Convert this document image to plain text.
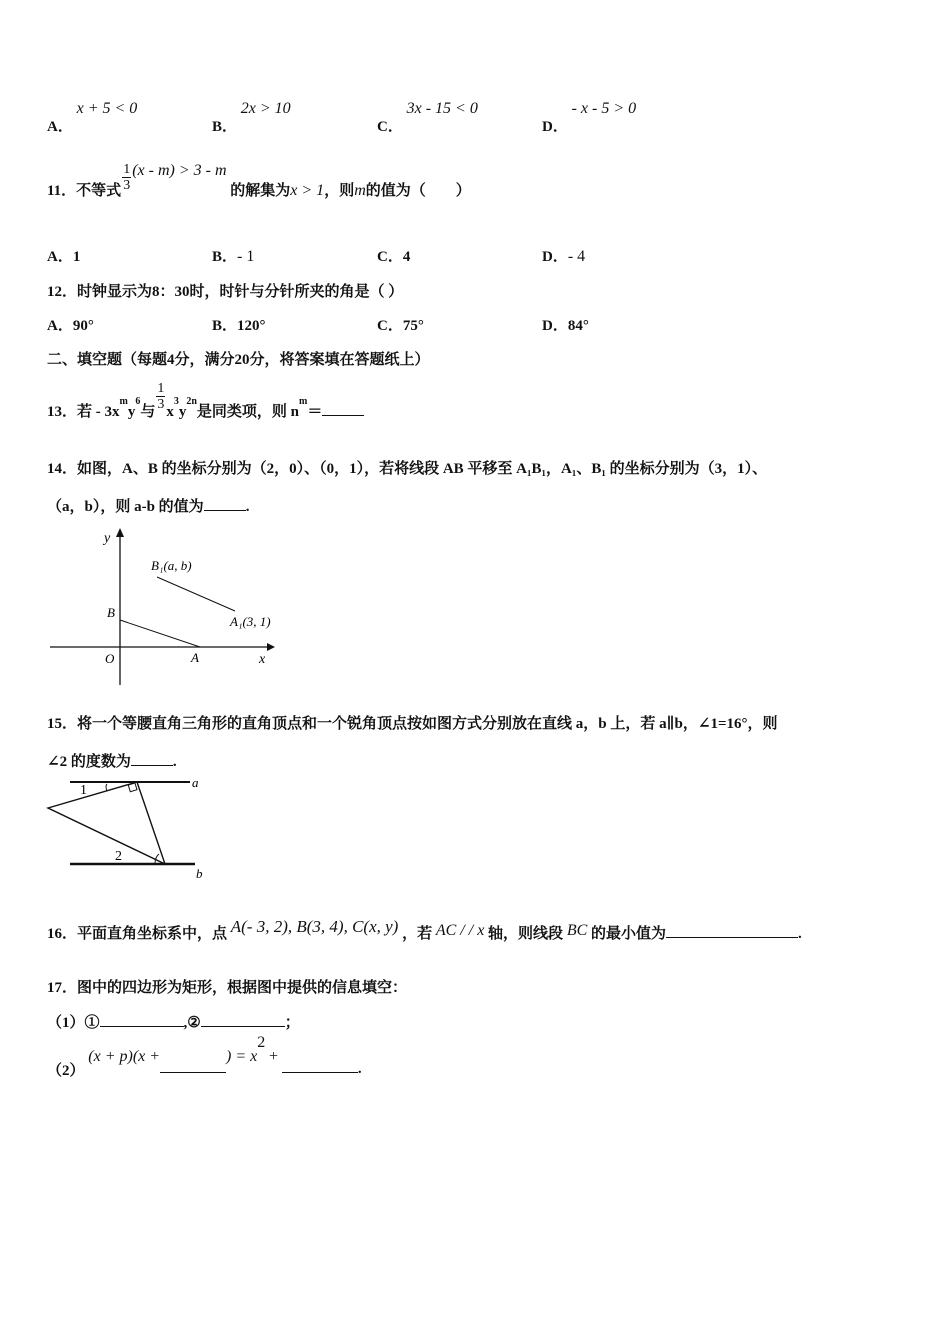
A． x + 5 < 0
B． 2x > 10
C． 3x - 15 < 0
D． - x - 5 > 0
11．不等式 $\frac{1}{3} (x - m) > 3 - m$ 的解集为x > 1，则m的值为（　　）
A．1	B．- 1	C．4	D．- 4
12．时钟显示为8：30时，时针与分针所夹的角是（ ）
A．90°	B．120°	C．75°	D．84°
二、填空题（每题4分，满分20分，将答案填在答题纸上）
13．若 - $3x^my^6$与 $\frac{1}{3} x^3y^{2n}$是同类项，则 $n^m=$
14．如图，A、B 的坐标分别为（2，0）、（0，1），若将线段 AB 平移至 A₁B₁，A₁、B₁ 的坐标分别为（3，1）、
（a，b），则 a-b 的值为	.
y
x
O	A
B
B₁(a, b)
A₁(3, 1)
15．将一个等腰直角三角形的直角顶点和一个锐角顶点按如图方式分别放在直线 a，b 上，若 a∥b，∠1=16°，则
∠2 的度数为	.
1
2
a
b
16．平面直角坐标系中，点 A(- 3, 2), B(3, 4), C(x, y) ，若 AC / / x 轴，则线段 BC 的最小值为	.
17．图中的四边形为矩形，根据图中提供的信息填空：
（1）①	,②	；
（2） (x + p)(x +	) = $x^2$ + .
